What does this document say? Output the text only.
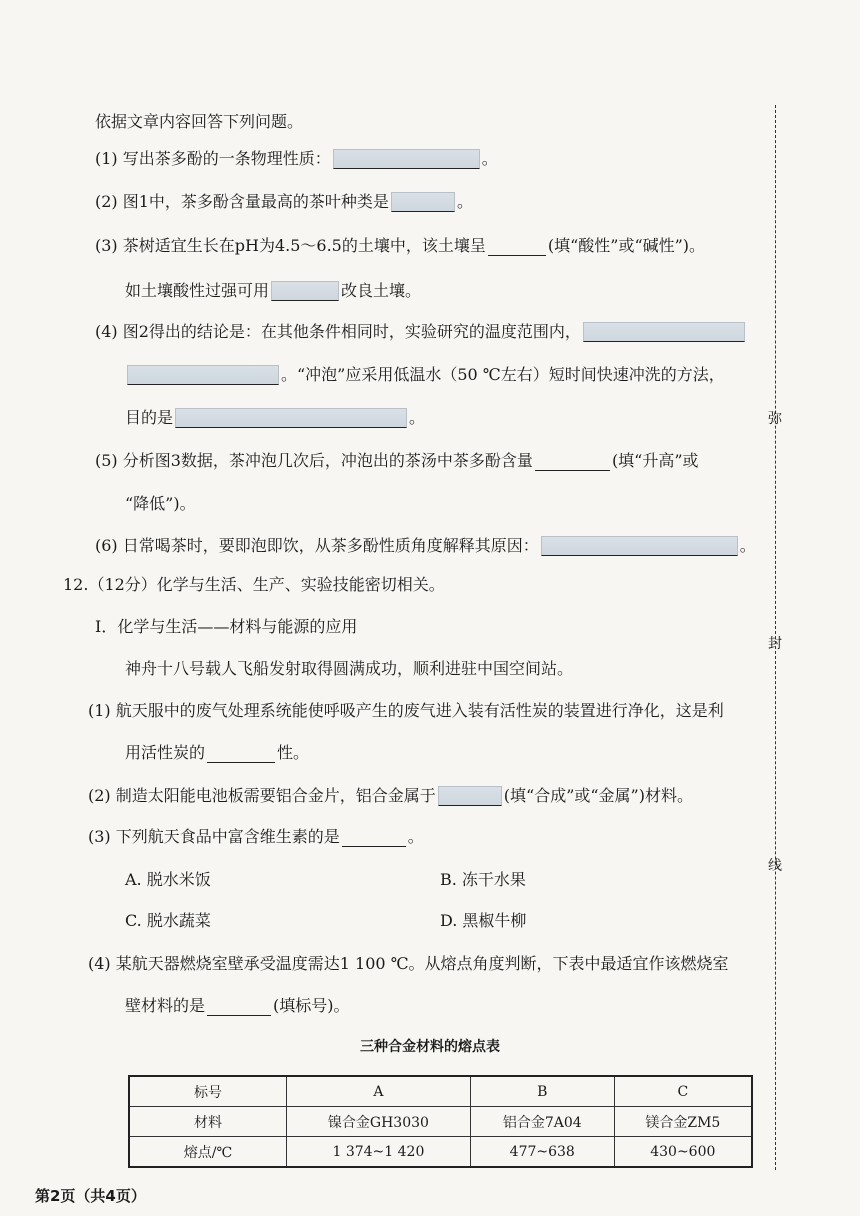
依据文章内容回答下列问题。
(1) 写出茶多酚的一条物理性质：	。
(2) 图1中，茶多酚含量最高的茶叶种类是	。
(3) 茶树适宜生长在pH为4.5～6.5的土壤中，该土壤呈	(填“酸性”或“碱性”)。
如土壤酸性过强可用	改良土壤。
(4) 图2得出的结论是：在其他条件相同时，实验研究的温度范围内，
。“冲泡”应采用低温水（50 ℃左右）短时间快速冲洗的方法，
目的是	。
(5) 分析图3数据，茶冲泡几次后，冲泡出的茶汤中茶多酚含量	(填“升高”或
“降低”)。
(6) 日常喝茶时，要即泡即饮，从茶多酚性质角度解释其原因：	。
12.（12分）化学与生活、生产、实验技能密切相关。
Ⅰ．化学与生活——材料与能源的应用
神舟十八号载人飞船发射取得圆满成功，顺利进驻中国空间站。
(1) 航天服中的废气处理系统能使呼吸产生的废气进入装有活性炭的装置进行净化，这是利
用活性炭的	性。
(2) 制造太阳能电池板需要铝合金片，铝合金属于	(填“合成”或“金属”)材料。
(3) 下列航天食品中富含维生素的是	。
A. 脱水米饭	B. 冻干水果
C. 脱水蔬菜	D. 黑椒牛柳
(4) 某航天器燃烧室壁承受温度需达1 100 ℃。从熔点角度判断，下表中最适宜作该燃烧室
壁材料的是	(填标号)。
三种合金材料的熔点表
标号	A	B	C
材料	镍合金GH3030	铝合金7A04	镁合金ZM5
熔点/℃	1 374~1 420	477~638	430~600
弥
封
线
第2页（共4页）
